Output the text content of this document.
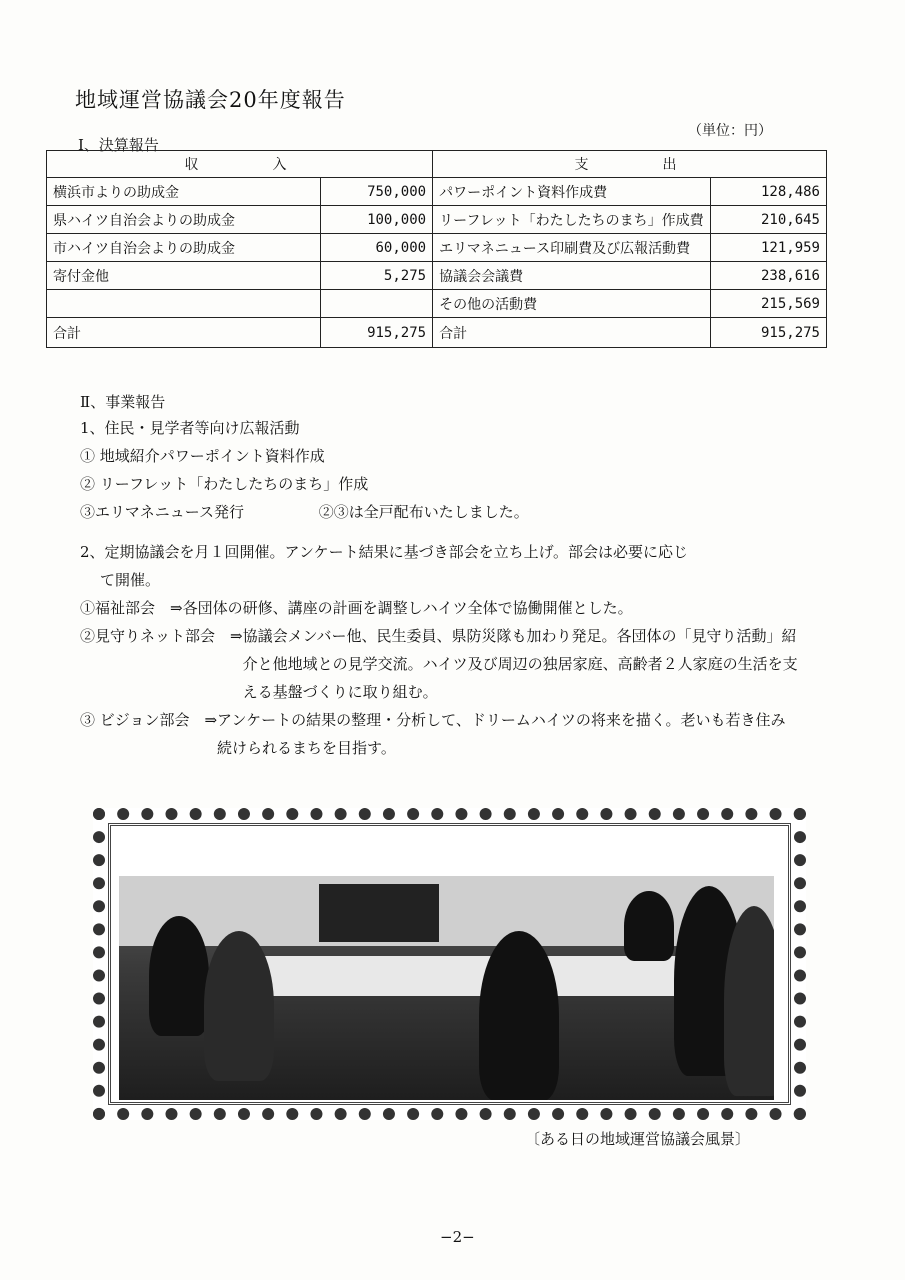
地域運営協議会20年度報告
Ⅰ、決算報告
（単位：円）
収　　　入		支　　　出	
横浜市よりの助成金	750,000	パワーポイント資料作成費	128,486
県ハイツ自治会よりの助成金	100,000	リーフレット「わたしたちのまち」作成費	210,645
市ハイツ自治会よりの助成金	60,000	エリマネニュース印刷費及び広報活動費	121,959
寄付金他	5,275	協議会会議費	238,616
		その他の活動費	215,569
合計	915,275	合計	915,275
Ⅱ、事業報告
1、住民・見学者等向け広報活動
① 地域紹介パワーポイント資料作成
② リーフレット「わたしたちのまち」作成
③エリマネニュース発行	②③は全戸配布いたしました。
2、定期協議会を月１回開催。アンケート結果に基づき部会を立ち上げ。部会は必要に応じ
て開催。
①福祉部会　⇒ 各団体の研修、講座の計画を調整しハイツ全体で協働開催とした。
②見守りネット部会　⇒ 協議会メンバー他、民生委員、県防災隊も加わり発足。各団体の「見守り活動」紹介と他地域との見学交流。ハイツ及び周辺の独居家庭、高齢者２人家庭の生活を支える基盤づくりに取り組む。
③ ビジョン部会　⇒ アンケートの結果の整理・分析して、ドリームハイツの将来を描く。老いも若き住み続けられるまちを目指す。
〔ある日の地域運営協議会風景〕
−2−
